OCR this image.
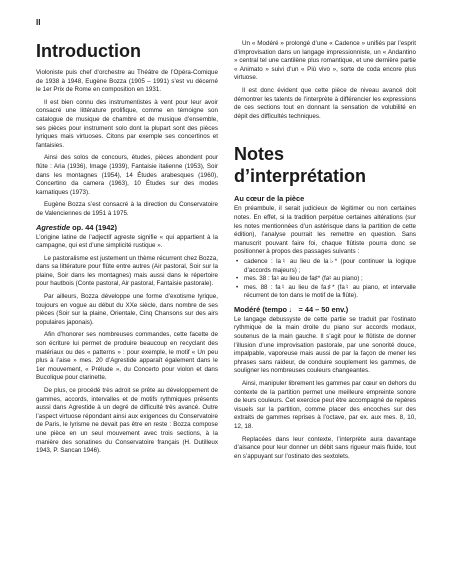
II
Introduction

Violoniste puis chef d’orchestre au Théâtre de l’Opéra-Comique de 1938 à 1948, Eugène Bozza (1905 – 1991) s’est vu décerné le 1er Prix de Rome en composition en 1931.

Il est bien connu des instrumentistes à vent pour leur avoir consacré une littérature prolifique, comme en témoigne son catalogue de musique de chambre et de musique d’ensemble, ses pièces pour instrument solo dont la plupart sont des pièces lyriques mais virtuoses. Citons par exemple ses concertinos et fantaisies.

Ainsi des solos de concours, études, pièces abondent pour flûte : Aria (1936), Image (1939), Fantaisie italienne (1953), Soir dans les montagnes (1954), 14 Études arabesques (1960), Concertino da camera (1963), 10 Études sur des modes karnatiques (1973).

Eugène Bozza s’est consacré à la direction du Conservatoire de Valenciennes de 1951 à 1975.

Agrestide op. 44 (1942)

L’origine latine de l’adjectif agreste signifie « qui appartient à la campagne, qui est d’une simplicité rustique ».

Le pastoralisme est justement un thème récurrent chez Bozza, dans sa littérature pour flûte entre autres (Air pastoral, Soir sur la plaine, Soir dans les montagnes) mais aussi dans le répertoire pour hautbois (Conte pastoral, Air pastoral, Fantaisie pastorale).

Par ailleurs, Bozza développe une forme d’exotisme lyrique, toujours en vogue au début du XXe siècle, dans nombre de ses pièces (Soir sur la plaine, Orientale, Cinq Chansons sur des airs populaires japonais).

Afin d’honorer ses nombreuses commandes, cette facette de son écriture lui permet de produire beaucoup en recyclant des matériaux ou des « patterns » : pour exemple, le motif « Un peu plus à l’aise » mes. 20 d’Agrestide apparaît également dans le 1er mouvement, « Prélude », du Concerto pour violon et dans Bucolique pour clarinette.

De plus, ce procédé très adroit se prête au développement de gammes, accords, intervalles et de motifs rythmiques présents aussi dans Agrestide à un degré de difficulté très avancé. Outre l’aspect virtuose répondant ainsi aux exigences du Conservatoire de Paris, le lyrisme ne devait pas être en reste : Bozza compose une pièce en un seul mouvement avec trois sections, à la manière des sonatines du Conservatoire français (H. Dutilleux 1943, P. Sancan 1946).

Un « Modéré » prolongé d’une « Cadence » unifiés par l’esprit d’improvisation dans un langage impressionniste, un « Andantino » central tel une cantilène plus romantique, et une dernière partie « Animato » suivi d’un « Più vivo », sorte de coda encore plus virtuose.

Il est donc évident que cette pièce de niveau avancé doit démontrer les talents de l’interprète à différencier les expressions de ces sections tout en donnant la sensation de volubilité en dépit des difficultés techniques.

Notes d’interprétation
Au cœur de la pièce

En préambule, il serait judicieux de légitimer ou non certaines notes. En effet, si la tradition perpétue certaines altérations (sur les notes mentionnées d’un astérisque dans la partition de cette édition), l’analyse pourrait les remettre en question. Sans manuscrit pouvant faire foi, chaque flûtiste pourra donc se positionner à propos des passages suivants :

• cadence : la♮ au lieu de la♭* (pour continuer la logique d’accords majeurs) ;
• mes. 38 : fa♮ au lieu de fa♯* (fa♮ au piano) ;
• mes. 88 : fa♮ au lieu de fa♯* (fa♮ au piano, et intervalle récurrent de ton dans le motif de la flûte).
Modéré (tempo ♩ = 44 – 50 env.)

Le langage debussyste de cette partie se traduit par l’ostinato rythmique de la main droite du piano sur accords modaux, soutenus de la main gauche. Il s’agit pour le flûtiste de donner l’illusion d’une improvisation pastorale, par une sonorité douce, impalpable, vaporeuse mais aussi de par la façon de mener les phrases sans raideur, de conduire souplement les gammes, de souligner les nombreuses couleurs changeantes.

Ainsi, manipuler librement les gammes par cœur en dehors du contexte de la partition permet une meilleure empreinte sonore de leurs couleurs. Cet exercice peut être accompagné de repères visuels sur la partition, comme placer des encoches sur des extraits de gammes reprises à l’octave, par ex. aux mes. 8, 10, 12, 18.

Replacées dans leur contexte, l’interprète aura davantage d’aisance pour leur donner un débit sans rigueur mais fluide, tout en s’appuyant sur l’ostinato des sextolets.
